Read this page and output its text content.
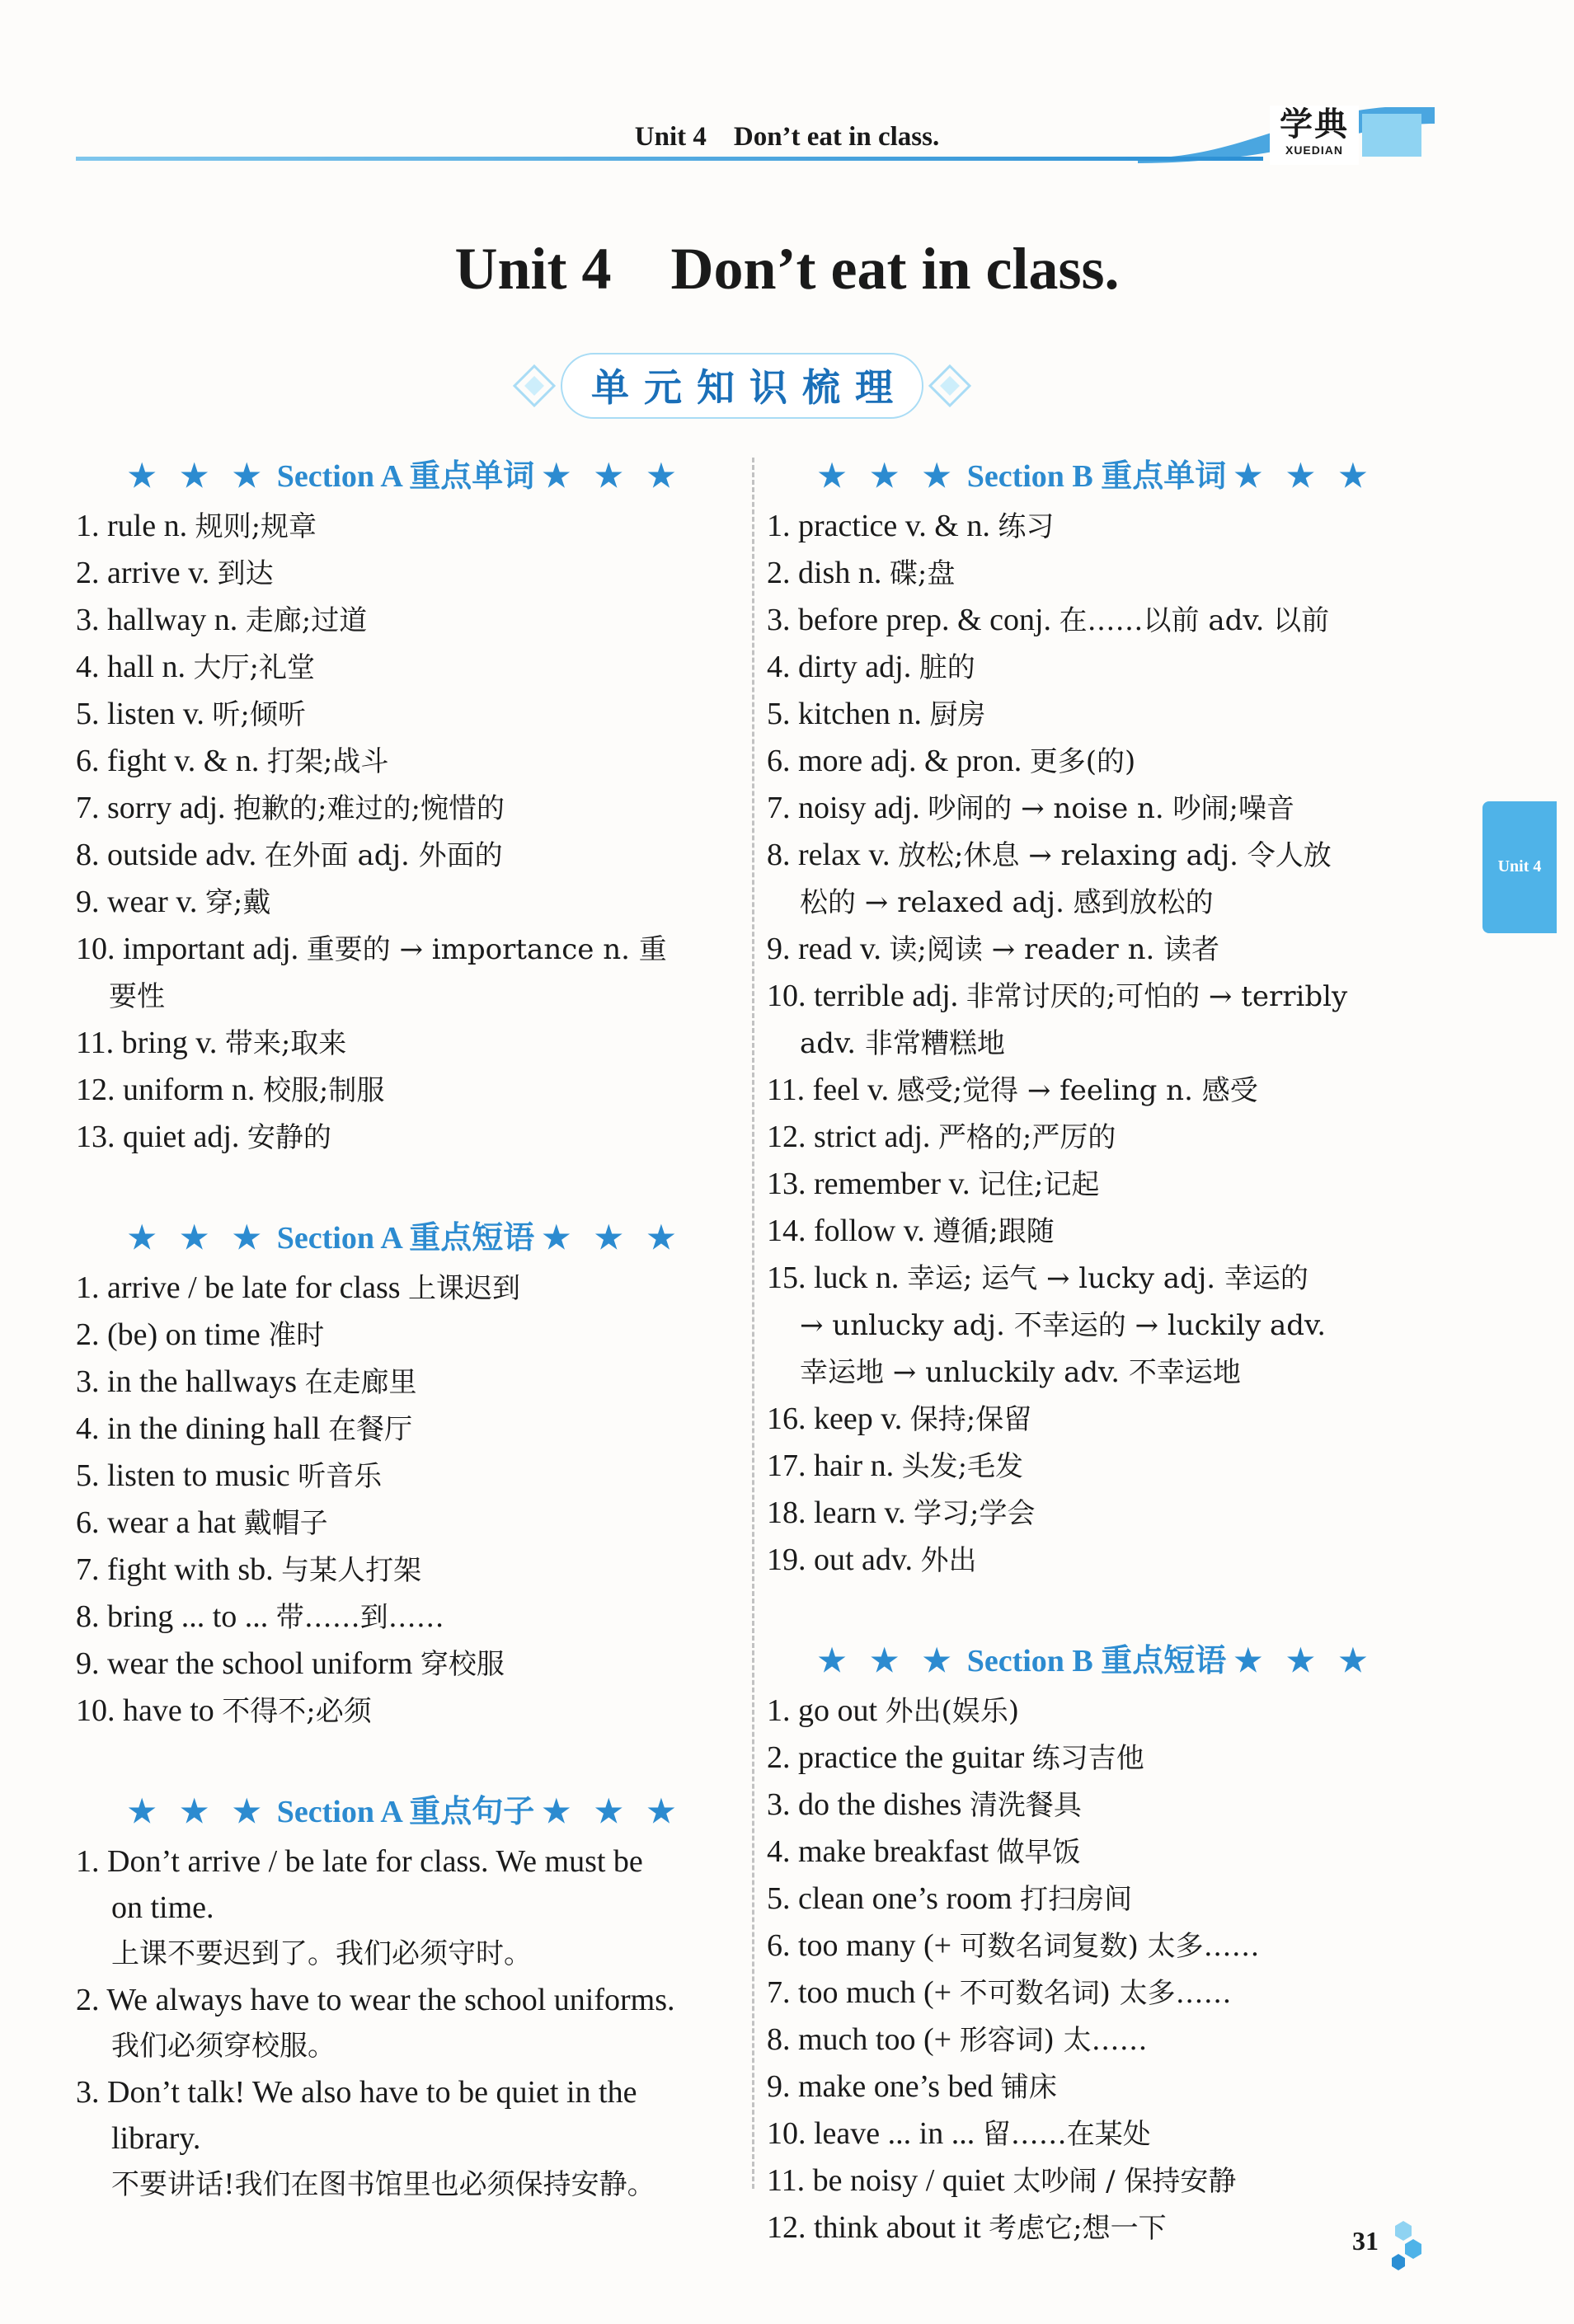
Unit 4    Don’t eat in class.	学典
XUEDIAN
Unit 4    Don’t eat in class.
单元知识梳理
Unit 4
★ ★ ★ Section A 重点单词 ★ ★ ★
1. rule n. 规则;规章
2. arrive v. 到达
3. hallway n. 走廊;过道
4. hall n. 大厅;礼堂
5. listen v. 听;倾听
6. fight v. & n. 打架;战斗
7. sorry adj. 抱歉的;难过的;惋惜的
8. outside adv. 在外面 adj. 外面的
9. wear v. 穿;戴
10. important adj. 重要的 → importance n. 重
要性
11. bring v. 带来;取来
12. uniform n. 校服;制服
13. quiet adj. 安静的
★ ★ ★ Section A 重点短语 ★ ★ ★
1. arrive / be late for class 上课迟到
2. (be) on time 准时
3. in the hallways 在走廊里
4. in the dining hall 在餐厅
5. listen to music 听音乐
6. wear a hat 戴帽子
7. fight with sb. 与某人打架
8. bring ... to ... 带……到……
9. wear the school uniform 穿校服
10. have to 不得不;必须
★ ★ ★ Section A 重点句子 ★ ★ ★
1. Don’t arrive / be late for class. We must be
on time.
上课不要迟到了。我们必须守时。
2. We always have to wear the school uniforms.
我们必须穿校服。
3. Don’t talk! We also have to be quiet in the
library.
不要讲话!我们在图书馆里也必须保持安静。
★ ★ ★ Section B 重点单词 ★ ★ ★
1. practice v. & n. 练习
2. dish n. 碟;盘
3. before prep. & conj. 在……以前 adv. 以前
4. dirty adj. 脏的
5. kitchen n. 厨房
6. more adj. & pron. 更多(的)
7. noisy adj. 吵闹的 → noise n. 吵闹;噪音
8. relax v. 放松;休息 → relaxing adj. 令人放
松的 → relaxed adj. 感到放松的
9. read v. 读;阅读 → reader n. 读者
10. terrible adj. 非常讨厌的;可怕的 → terribly
adv. 非常糟糕地
11. feel v. 感受;觉得 → feeling n. 感受
12. strict adj. 严格的;严厉的
13. remember v. 记住;记起
14. follow v. 遵循;跟随
15. luck n. 幸运; 运气 → lucky adj. 幸运的
→ unlucky adj. 不幸运的 → luckily adv.
幸运地 → unluckily adv. 不幸运地
16. keep v. 保持;保留
17. hair n. 头发;毛发
18. learn v. 学习;学会
19. out adv. 外出
★ ★ ★ Section B 重点短语 ★ ★ ★
1. go out 外出(娱乐)
2. practice the guitar 练习吉他
3. do the dishes 清洗餐具
4. make breakfast 做早饭
5. clean one’s room 打扫房间
6. too many (+ 可数名词复数) 太多……
7. too much (+ 不可数名词) 太多……
8. much too (+ 形容词) 太……
9. make one’s bed 铺床
10. leave ... in ... 留……在某处
11. be noisy / quiet 太吵闹 / 保持安静
12. think about it 考虑它;想一下	31
